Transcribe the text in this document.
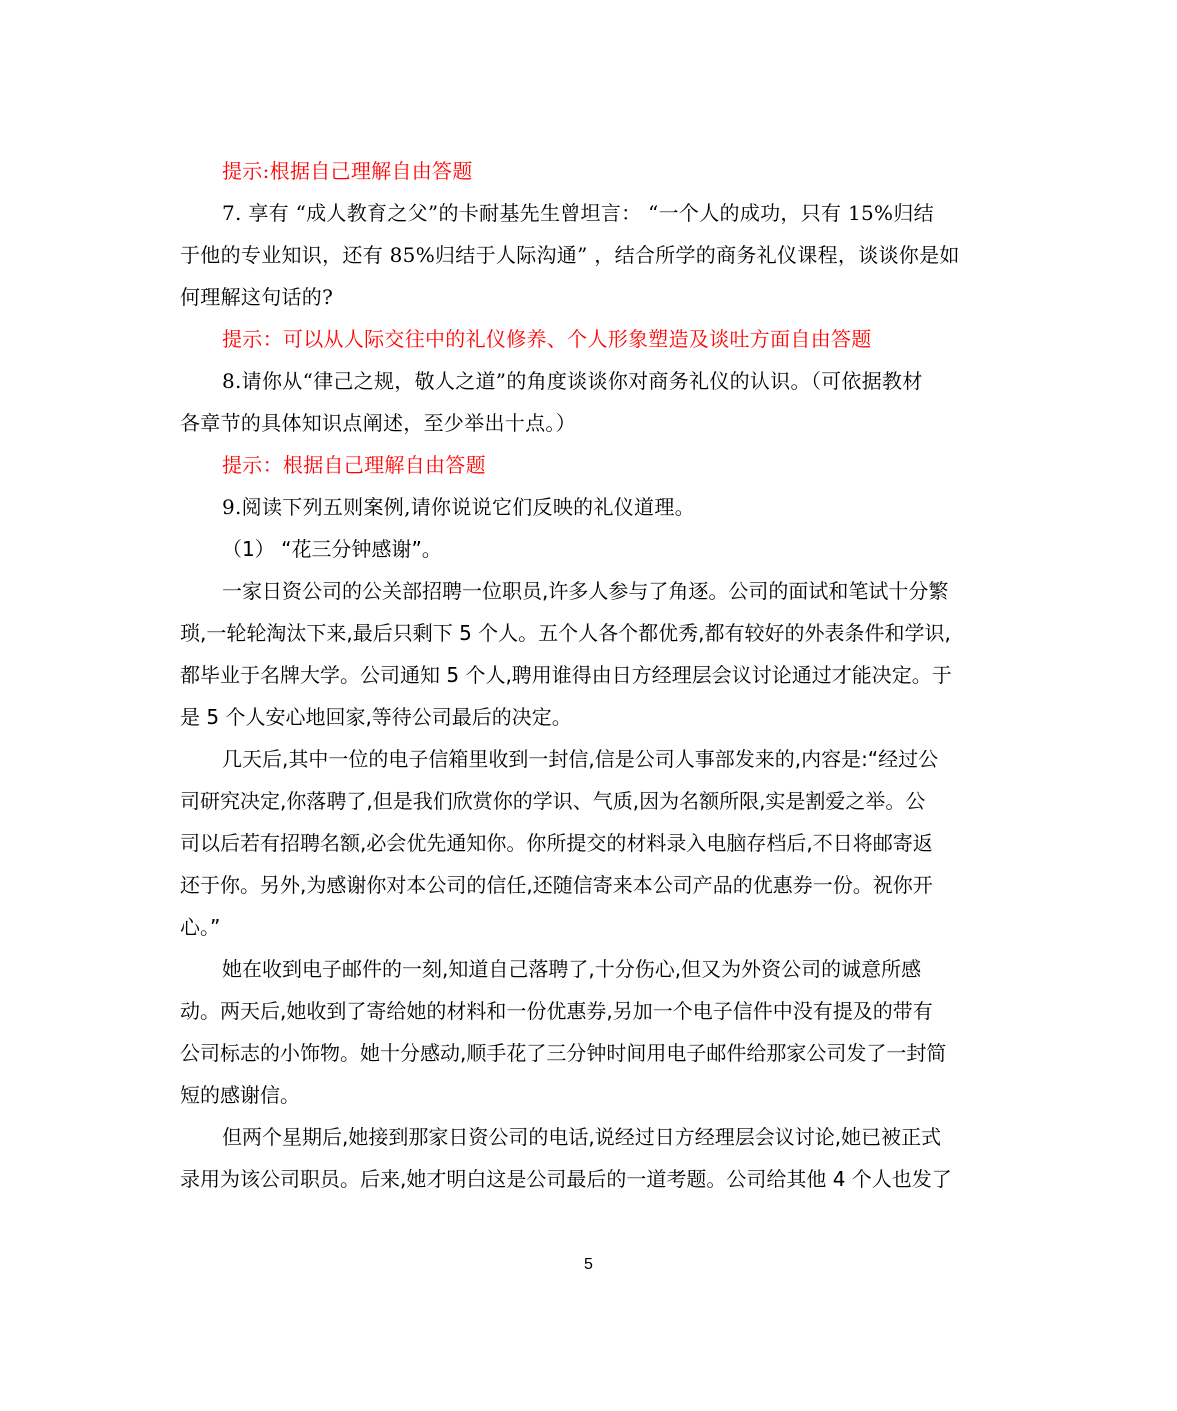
提示:根据自己理解自由答题
7. 享有 “成人教育之父”的卡耐基先生曾坦言： “一个人的成功，只有 15%归结
于他的专业知识，还有 85%归结于人际沟通” ，结合所学的商务礼仪课程，谈谈你是如
何理解这句话的?
提示：可以从人际交往中的礼仪修养、个人形象塑造及谈吐方面自由答题
8.请你从“律己之规，敬人之道”的角度谈谈你对商务礼仪的认识。（可依据教材
各章节的具体知识点阐述，至少举出十点。）
提示：根据自己理解自由答题
9.阅读下列五则案例,请你说说它们反映的礼仪道理。
（1） “花三分钟感谢”。
一家日资公司的公关部招聘一位职员,许多人参与了角逐。公司的面试和笔试十分繁
琐,一轮轮淘汰下来,最后只剩下 5 个人。五个人各个都优秀,都有较好的外表条件和学识,
都毕业于名牌大学。公司通知 5 个人,聘用谁得由日方经理层会议讨论通过才能决定。于
是 5 个人安心地回家,等待公司最后的决定。
几天后,其中一位的电子信箱里收到一封信,信是公司人事部发来的,内容是:“经过公
司研究决定,你落聘了,但是我们欣赏你的学识、气质,因为名额所限,实是割爱之举。公
司以后若有招聘名额,必会优先通知你。你所提交的材料录入电脑存档后,不日将邮寄返
还于你。另外,为感谢你对本公司的信任,还随信寄来本公司产品的优惠券一份。祝你开
心。”
她在收到电子邮件的一刻,知道自己落聘了,十分伤心,但又为外资公司的诚意所感
动。两天后,她收到了寄给她的材料和一份优惠券,另加一个电子信件中没有提及的带有
公司标志的小饰物。她十分感动,顺手花了三分钟时间用电子邮件给那家公司发了一封简
短的感谢信。
但两个星期后,她接到那家日资公司的电话,说经过日方经理层会议讨论,她已被正式
录用为该公司职员。后来,她才明白这是公司最后的一道考题。公司给其他 4 个人也发了
5
